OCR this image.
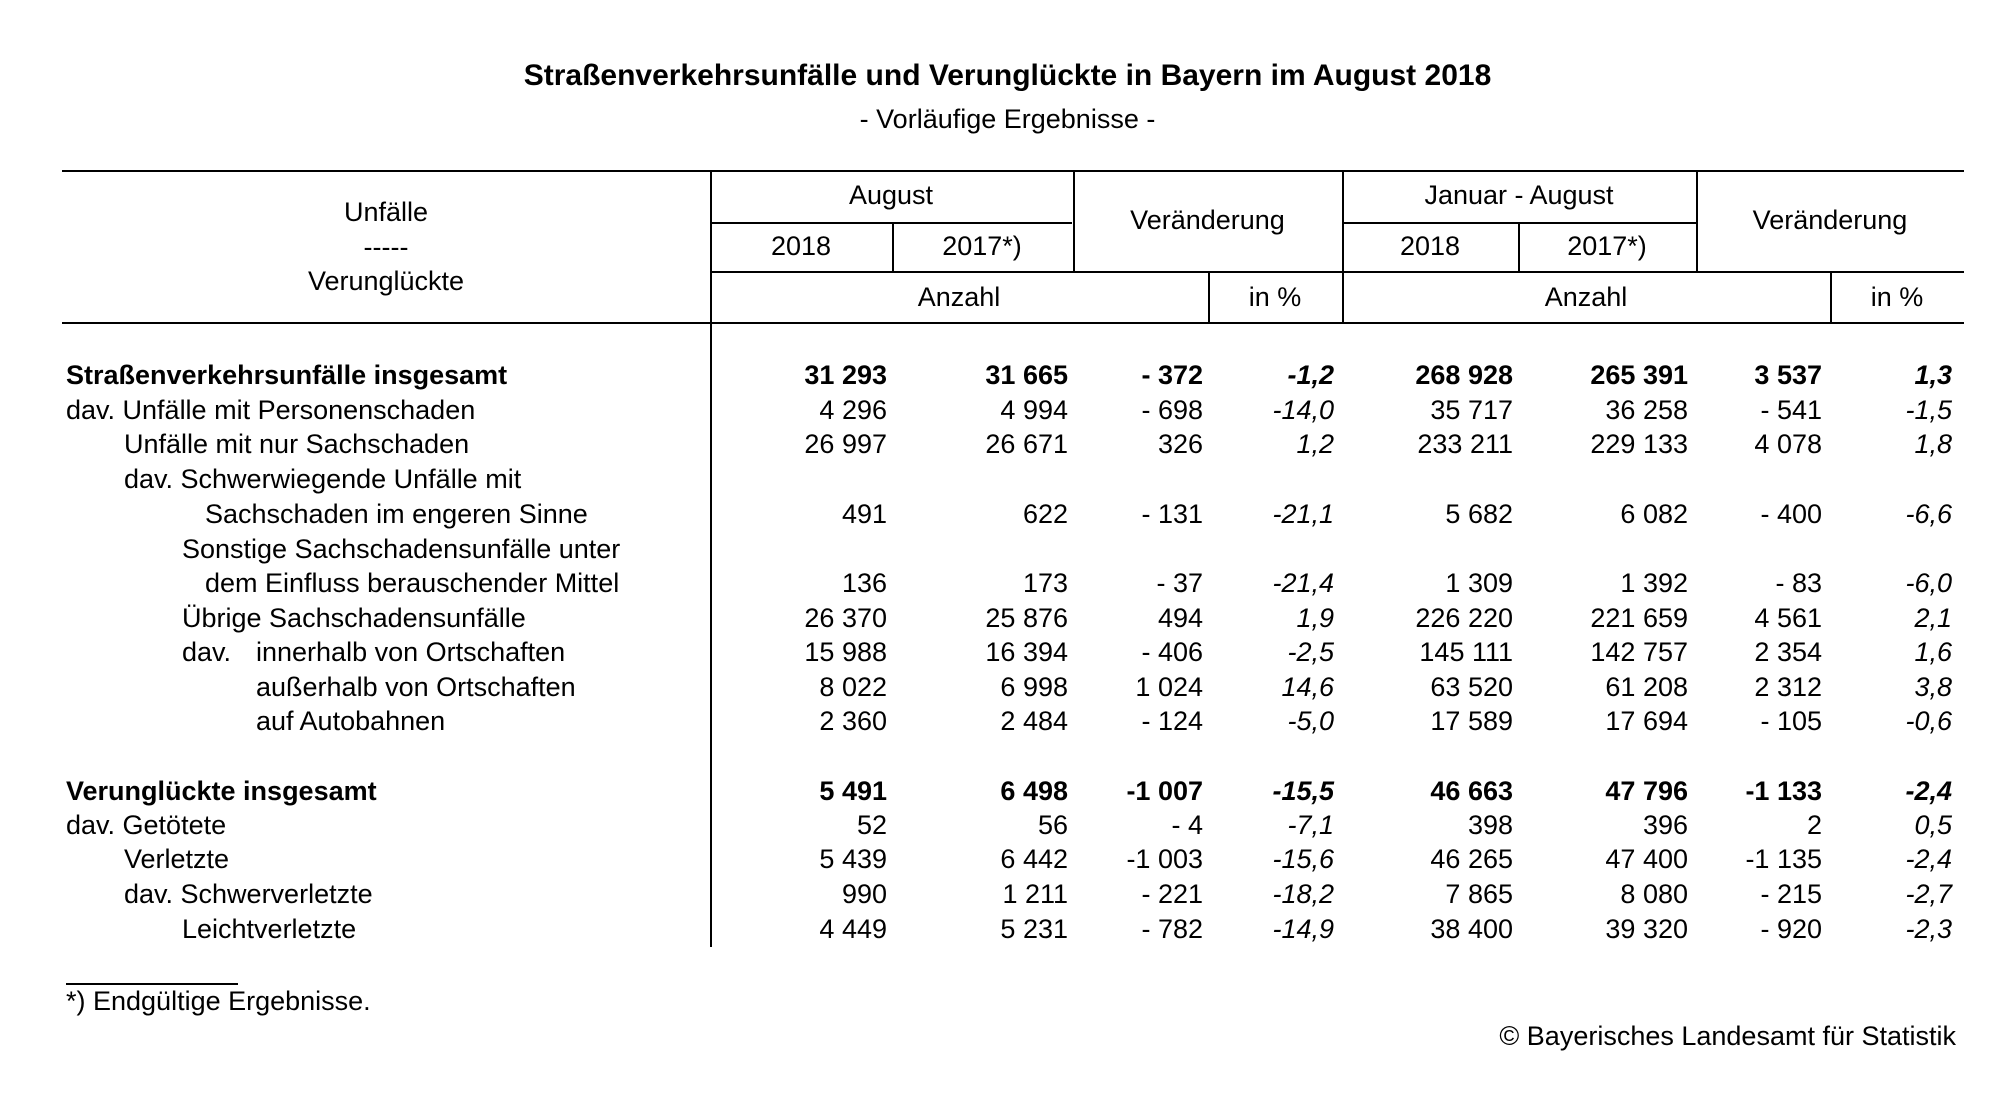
Straßenverkehrsunfälle und Verunglückte in Bayern im August 2018
- Vorläufige Ergebnisse -
Unfälle
-----
Verunglückte
August
2018	2017*)
Veränderung
Anzahl	in %
Januar - August
2018	2017*)
Veränderung
Anzahl	in %
Straßenverkehrsunfälle insgesamt	31 293	31 665	- 372	-1,2	268 928	265 391	3 537	1,3
dav. Unfälle mit Personenschaden	4 296	4 994	- 698	-14,0	35 717	36 258	- 541	-1,5
Unfälle mit nur Sachschaden	26 997	26 671	326	1,2	233 211	229 133	4 078	1,8
dav. Schwerwiegende Unfälle mit
Sachschaden im engeren Sinne	491	622	- 131	-21,1	5 682	6 082	- 400	-6,6
Sonstige Sachschadensunfälle unter
dem Einfluss berauschender Mittel	136	173	- 37	-21,4	1 309	1 392	- 83	-6,0
Übrige Sachschadensunfälle	26 370	25 876	494	1,9	226 220	221 659	4 561	2,1
dav. innerhalb von Ortschaften	15 988	16 394	- 406	-2,5	145 111	142 757	2 354	1,6
außerhalb von Ortschaften	8 022	6 998	1 024	14,6	63 520	61 208	2 312	3,8
auf Autobahnen	2 360	2 484	- 124	-5,0	17 589	17 694	- 105	-0,6
Verunglückte insgesamt	5 491	6 498	-1 007	-15,5	46 663	47 796	-1 133	-2,4
dav. Getötete	52	56	- 4	-7,1	398	396	2	0,5
Verletzte	5 439	6 442	-1 003	-15,6	46 265	47 400	-1 135	-2,4
dav. Schwerverletzte	990	1 211	- 221	-18,2	7 865	8 080	- 215	-2,7
Leichtverletzte	4 449	5 231	- 782	-14,9	38 400	39 320	- 920	-2,3
*) Endgültige Ergebnisse.
© Bayerisches Landesamt für Statistik
